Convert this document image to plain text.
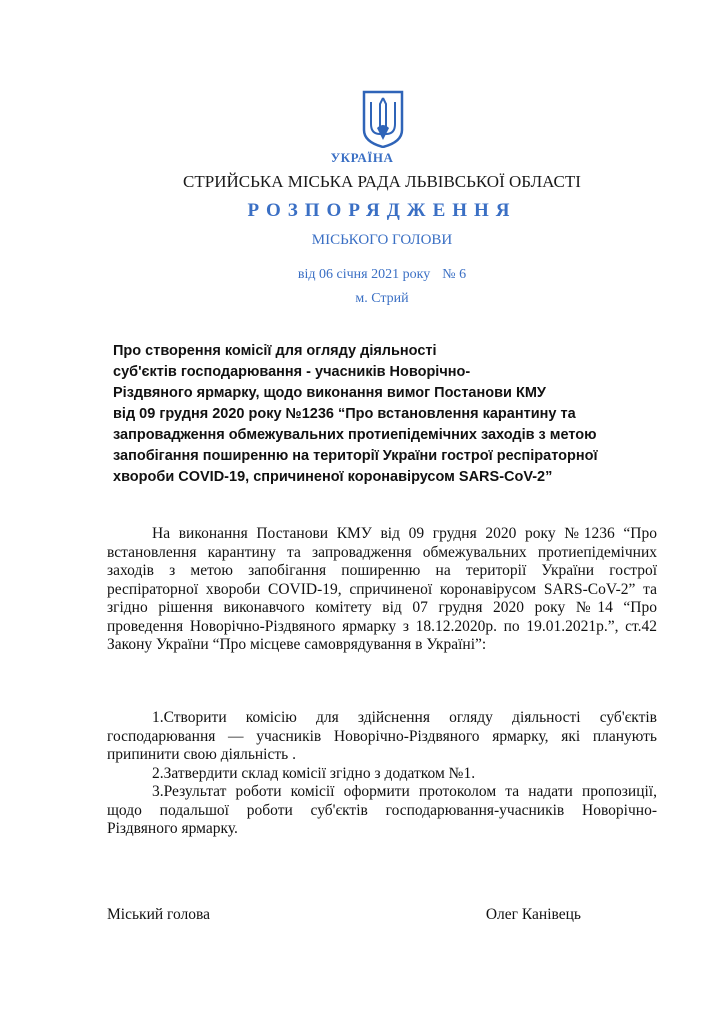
УКРАЇНА
СТРИЙСЬКА МІСЬКА РАДА ЛЬВІВСЬКОЇ ОБЛАСТІ
РОЗПОРЯДЖЕННЯ
МІСЬКОГО ГОЛОВИ
від 06 січня 2021 року № 6
м. Стрий
Про створення комісії для огляду діяльності
суб'єктів господарювання - учасників Новорічно-
Різдвяного ярмарку, щодо виконання вимог Постанови КМУ
від 09 грудня 2020 року №1236 “Про встановлення карантину та
запровадження обмежувальних протиепідемічних заходів з метою
запобігання поширенню на території України гострої респіраторної
хвороби COVID-19, спричиненої коронавірусом SARS-CoV-2”

На виконання Постанови КМУ від 09 грудня 2020 року №1236 “Про встановлення карантину та запровадження обмежувальних протиепідемічних заходів з метою запобігання поширенню на території України гострої респіраторної хвороби COVID-19, спричиненої коронавірусом SARS-CoV-2” та згідно рішення виконавчого комітету від 07 грудня 2020 року №14 “Про проведення Новорічно-Різдвяного ярмарку з 18.12.2020р. по 19.01.2021р.”, ст.42 Закону України “Про місцеве самоврядування в Україні”:

1.Створити комісію для здійснення огляду діяльності суб'єктів господарювання — учасників Новорічно-Різдвяного ярмарку, які планують припинити свою діяльність .

2.Затвердити склад комісії згідно з додатком №1.

3.Результат роботи комісії оформити протоколом та надати пропозиції, щодо подальшої роботи суб'єктів господарювання-учасників Новорічно-Різдвяного ярмарку.

Міський голова	Олег Канівець
